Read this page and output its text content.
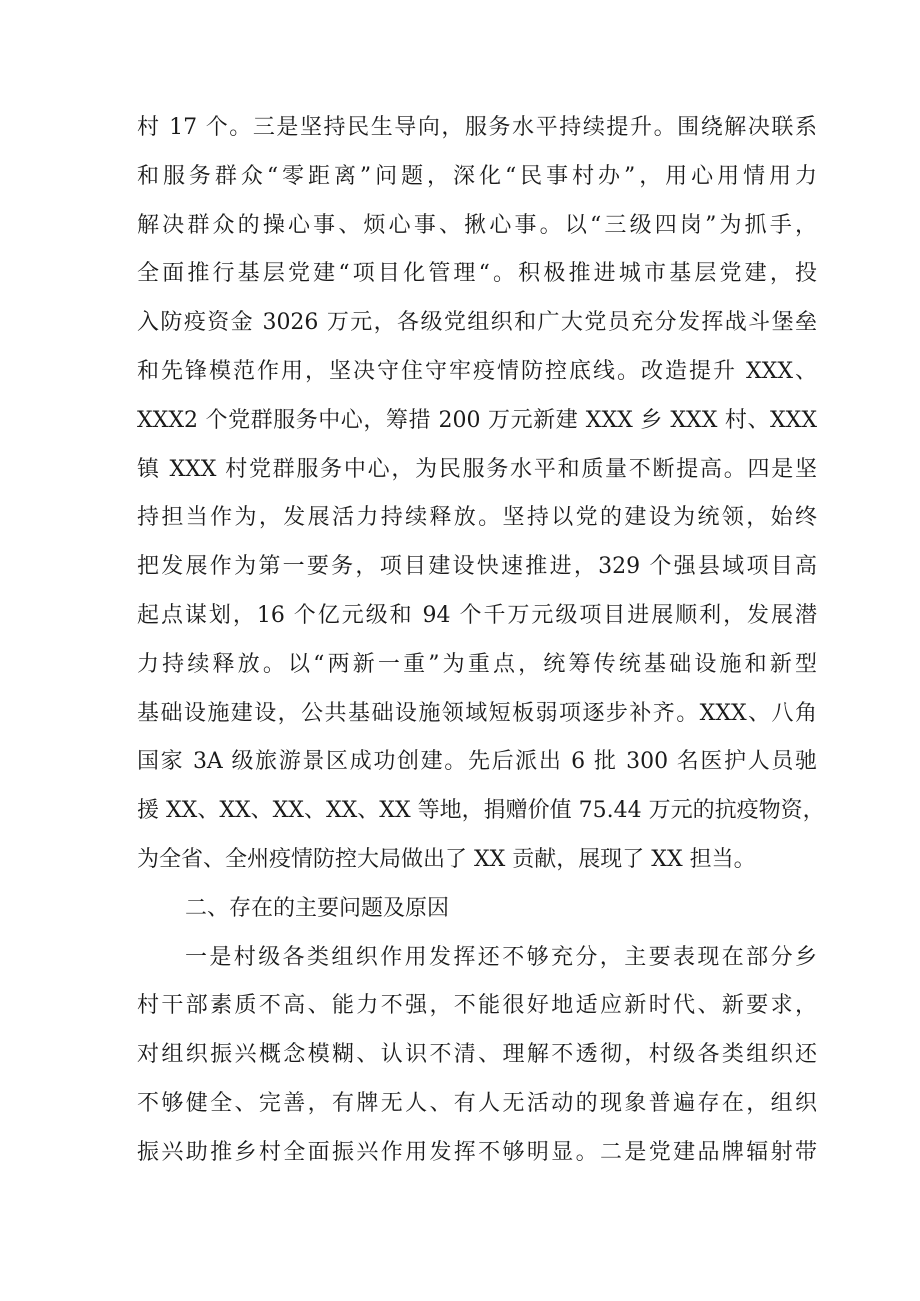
村 17 个。三是坚持民生导向，服务水平持续提升。围绕解决联系
和服务群众“零距离”问题，深化“民事村办”，用心用情用力
解决群众的操心事、烦心事、揪心事。以“三级四岗”为抓手，
全面推行基层党建“项目化管理“。积极推进城市基层党建，投
入防疫资金 3026 万元，各级党组织和广大党员充分发挥战斗堡垒
和先锋模范作用，坚决守住守牢疫情防控底线。改造提升 XXX、
XXX2 个党群服务中心，筹措 200 万元新建 XXX 乡 XXX 村、XXX
镇 XXX 村党群服务中心，为民服务水平和质量不断提高。四是坚
持担当作为，发展活力持续释放。坚持以党的建设为统领，始终
把发展作为第一要务，项目建设快速推进，329 个强县域项目高
起点谋划，16 个亿元级和 94 个千万元级项目进展顺利，发展潜
力持续释放。以“两新一重”为重点，统筹传统基础设施和新型
基础设施建设，公共基础设施领域短板弱项逐步补齐。XXX、八角
国家 3A 级旅游景区成功创建。先后派出 6 批 300 名医护人员驰
援 XX、XX、XX、XX、XX 等地，捐赠价值 75.44 万元的抗疫物资，
为全省、全州疫情防控大局做出了 XX 贡献，展现了 XX 担当。
二、存在的主要问题及原因
一是村级各类组织作用发挥还不够充分，主要表现在部分乡
村干部素质不高、能力不强，不能很好地适应新时代、新要求，
对组织振兴概念模糊、认识不清、理解不透彻，村级各类组织还
不够健全、完善，有牌无人、有人无活动的现象普遍存在，组织
振兴助推乡村全面振兴作用发挥不够明显。二是党建品牌辐射带
